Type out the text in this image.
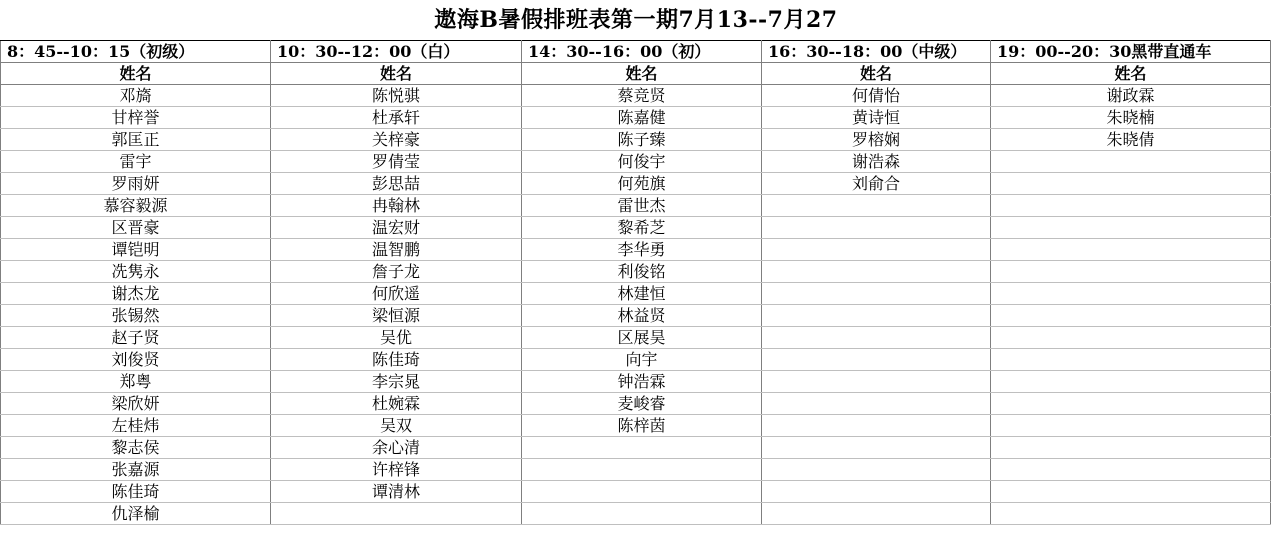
遨海B暑假排班表第一期7月13--7月27
8：45--10：15（初级）	10：30--12：00（白）	14：30--16：00（初）	16：30--18：00（中级）	19：00--20：30黑带直通车
姓名	姓名	姓名	姓名	姓名
邓旖	陈悦骐	蔡竞贤	何倩怡	谢政霖
甘梓誉	杜承轩	陈嘉健	黄诗恒	朱晓楠
郭匡正	关梓豪	陈子臻	罗榕娴	朱晓倩
雷宇	罗倩莹	何俊宇	谢浩森	
罗雨妍	彭思喆	何苑旗	刘俞合	
慕容毅源	冉翰林	雷世杰		
区晋豪	温宏财	黎希芝		
谭铠明	温智鹏	李华勇		
冼隽永	詹子龙	利俊铭		
谢杰龙	何欣遥	林建恒		
张锡然	梁恒源	林益贤		
赵子贤	吴优	区展昊		
刘俊贤	陈佳琦	向宇		
郑粤	李宗晁	钟浩霖		
梁欣妍	杜婉霖	麦峻睿		
左桂炜	吴双	陈梓茵		
黎志侯	余心清			
张嘉源	许梓锋			
陈佳琦	谭清林			
仇泽榆				
